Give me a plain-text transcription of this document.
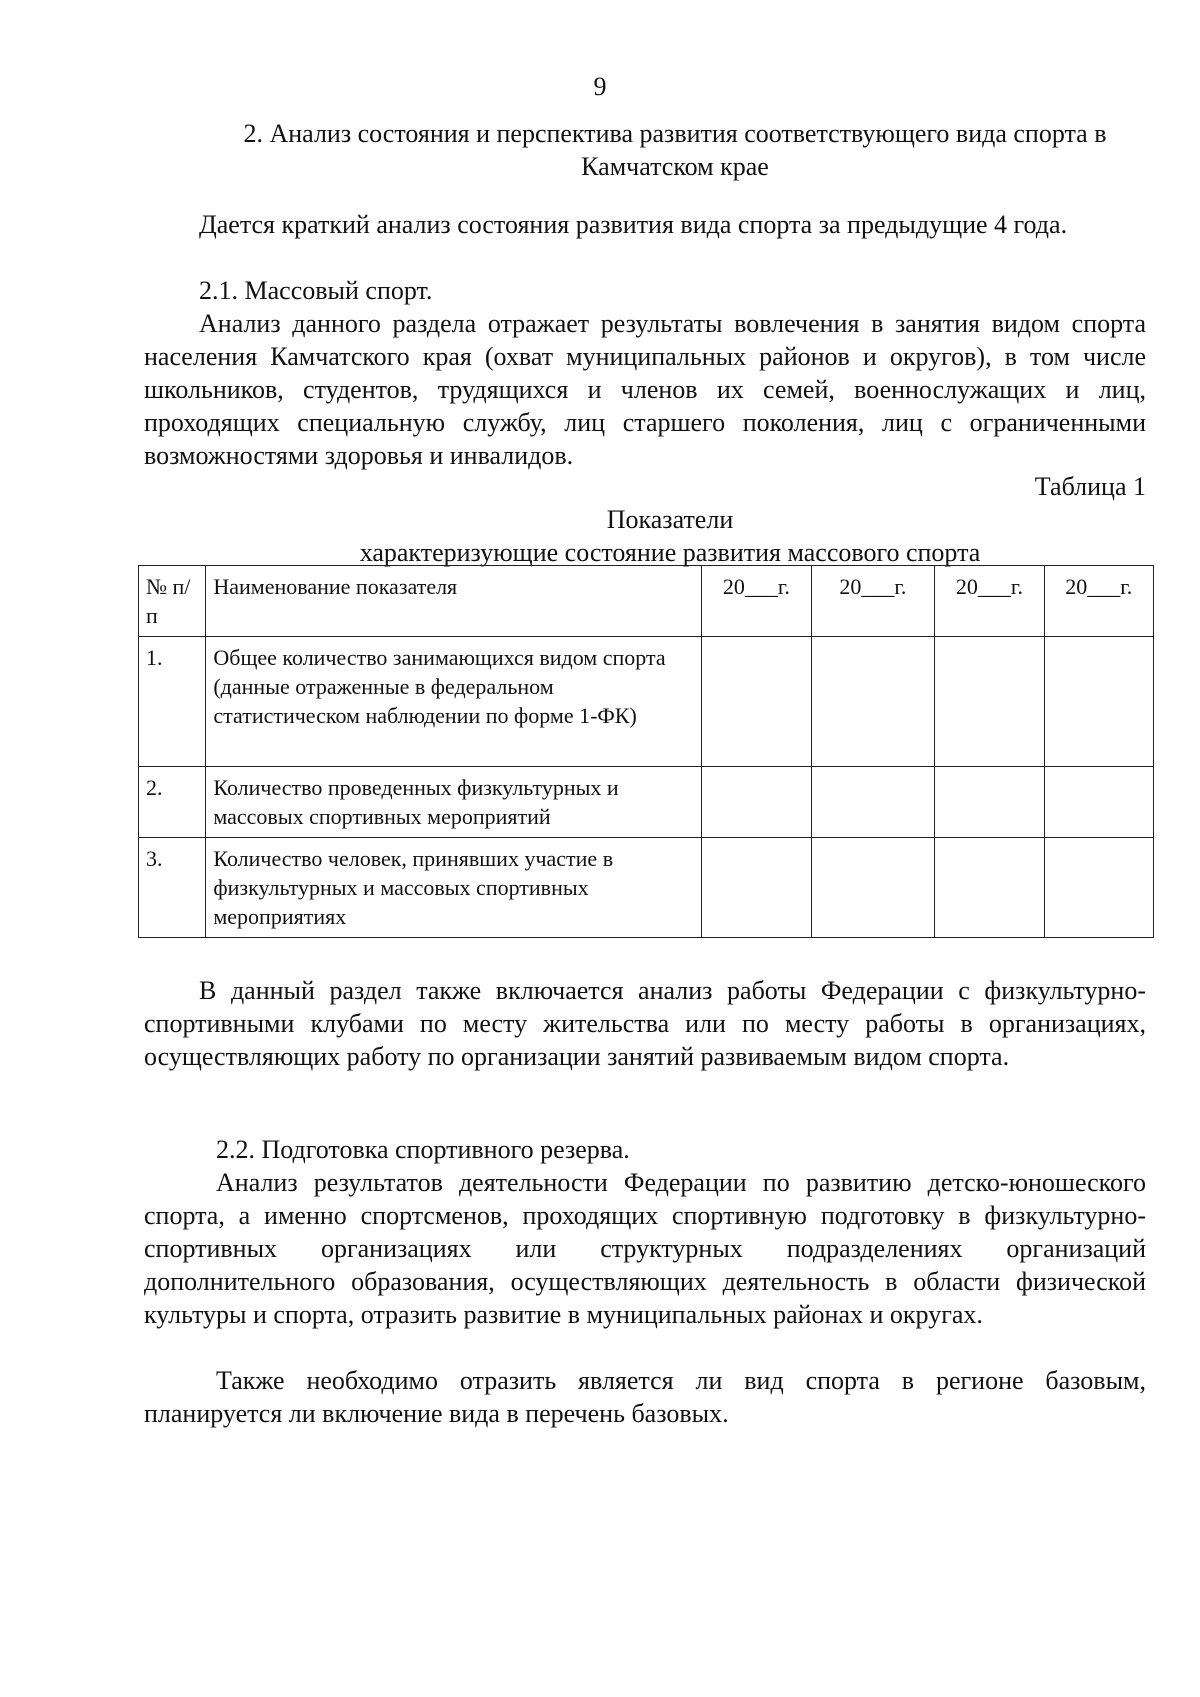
9
2. Анализ состояния и перспектива развития соответствующего вида спорта в
Камчатском крае
Дается краткий анализ состояния развития вида спорта за предыдущие 4 года.
2.1. Массовый спорт.
Анализ данного раздела отражает результаты вовлечения в занятия видом спорта населения Камчатского края (охват муниципальных районов и округов), в том числе школьников, студентов, трудящихся и членов их семей, военнослужащих и лиц, проходящих специальную службу, лиц старшего поколения, лиц с ограниченными возможностями здоровья и инвалидов.
Таблица 1
Показатели
характеризующие состояние развития массового спорта
№ п/п	Наименование показателя	20___г.	20___г.	20___г.	20___г.
1.	Общее количество занимающихся видом спорта (данные отраженные в федеральном статистическом наблюдении по форме 1-ФК)				
2.	Количество проведенных физкультурных и массовых спортивных мероприятий				
3.	Количество человек, принявших участие в физкультурных и массовых спортивных мероприятиях				
В данный раздел также включается анализ работы Федерации с физкультурно-спортивными клубами по месту жительства или по месту работы в организациях, осуществляющих работу по организации занятий развиваемым видом спорта.
2.2. Подготовка спортивного резерва.
Анализ результатов деятельности Федерации по развитию детско-юношеского спорта, а именно спортсменов, проходящих спортивную подготовку в физкультурно-спортивных организациях или структурных подразделениях организаций дополнительного образования, осуществляющих деятельность в области физической культуры и спорта, отразить развитие в муниципальных районах и округах.
Также необходимо отразить является ли вид спорта в регионе базовым, планируется ли включение вида в перечень базовых.
